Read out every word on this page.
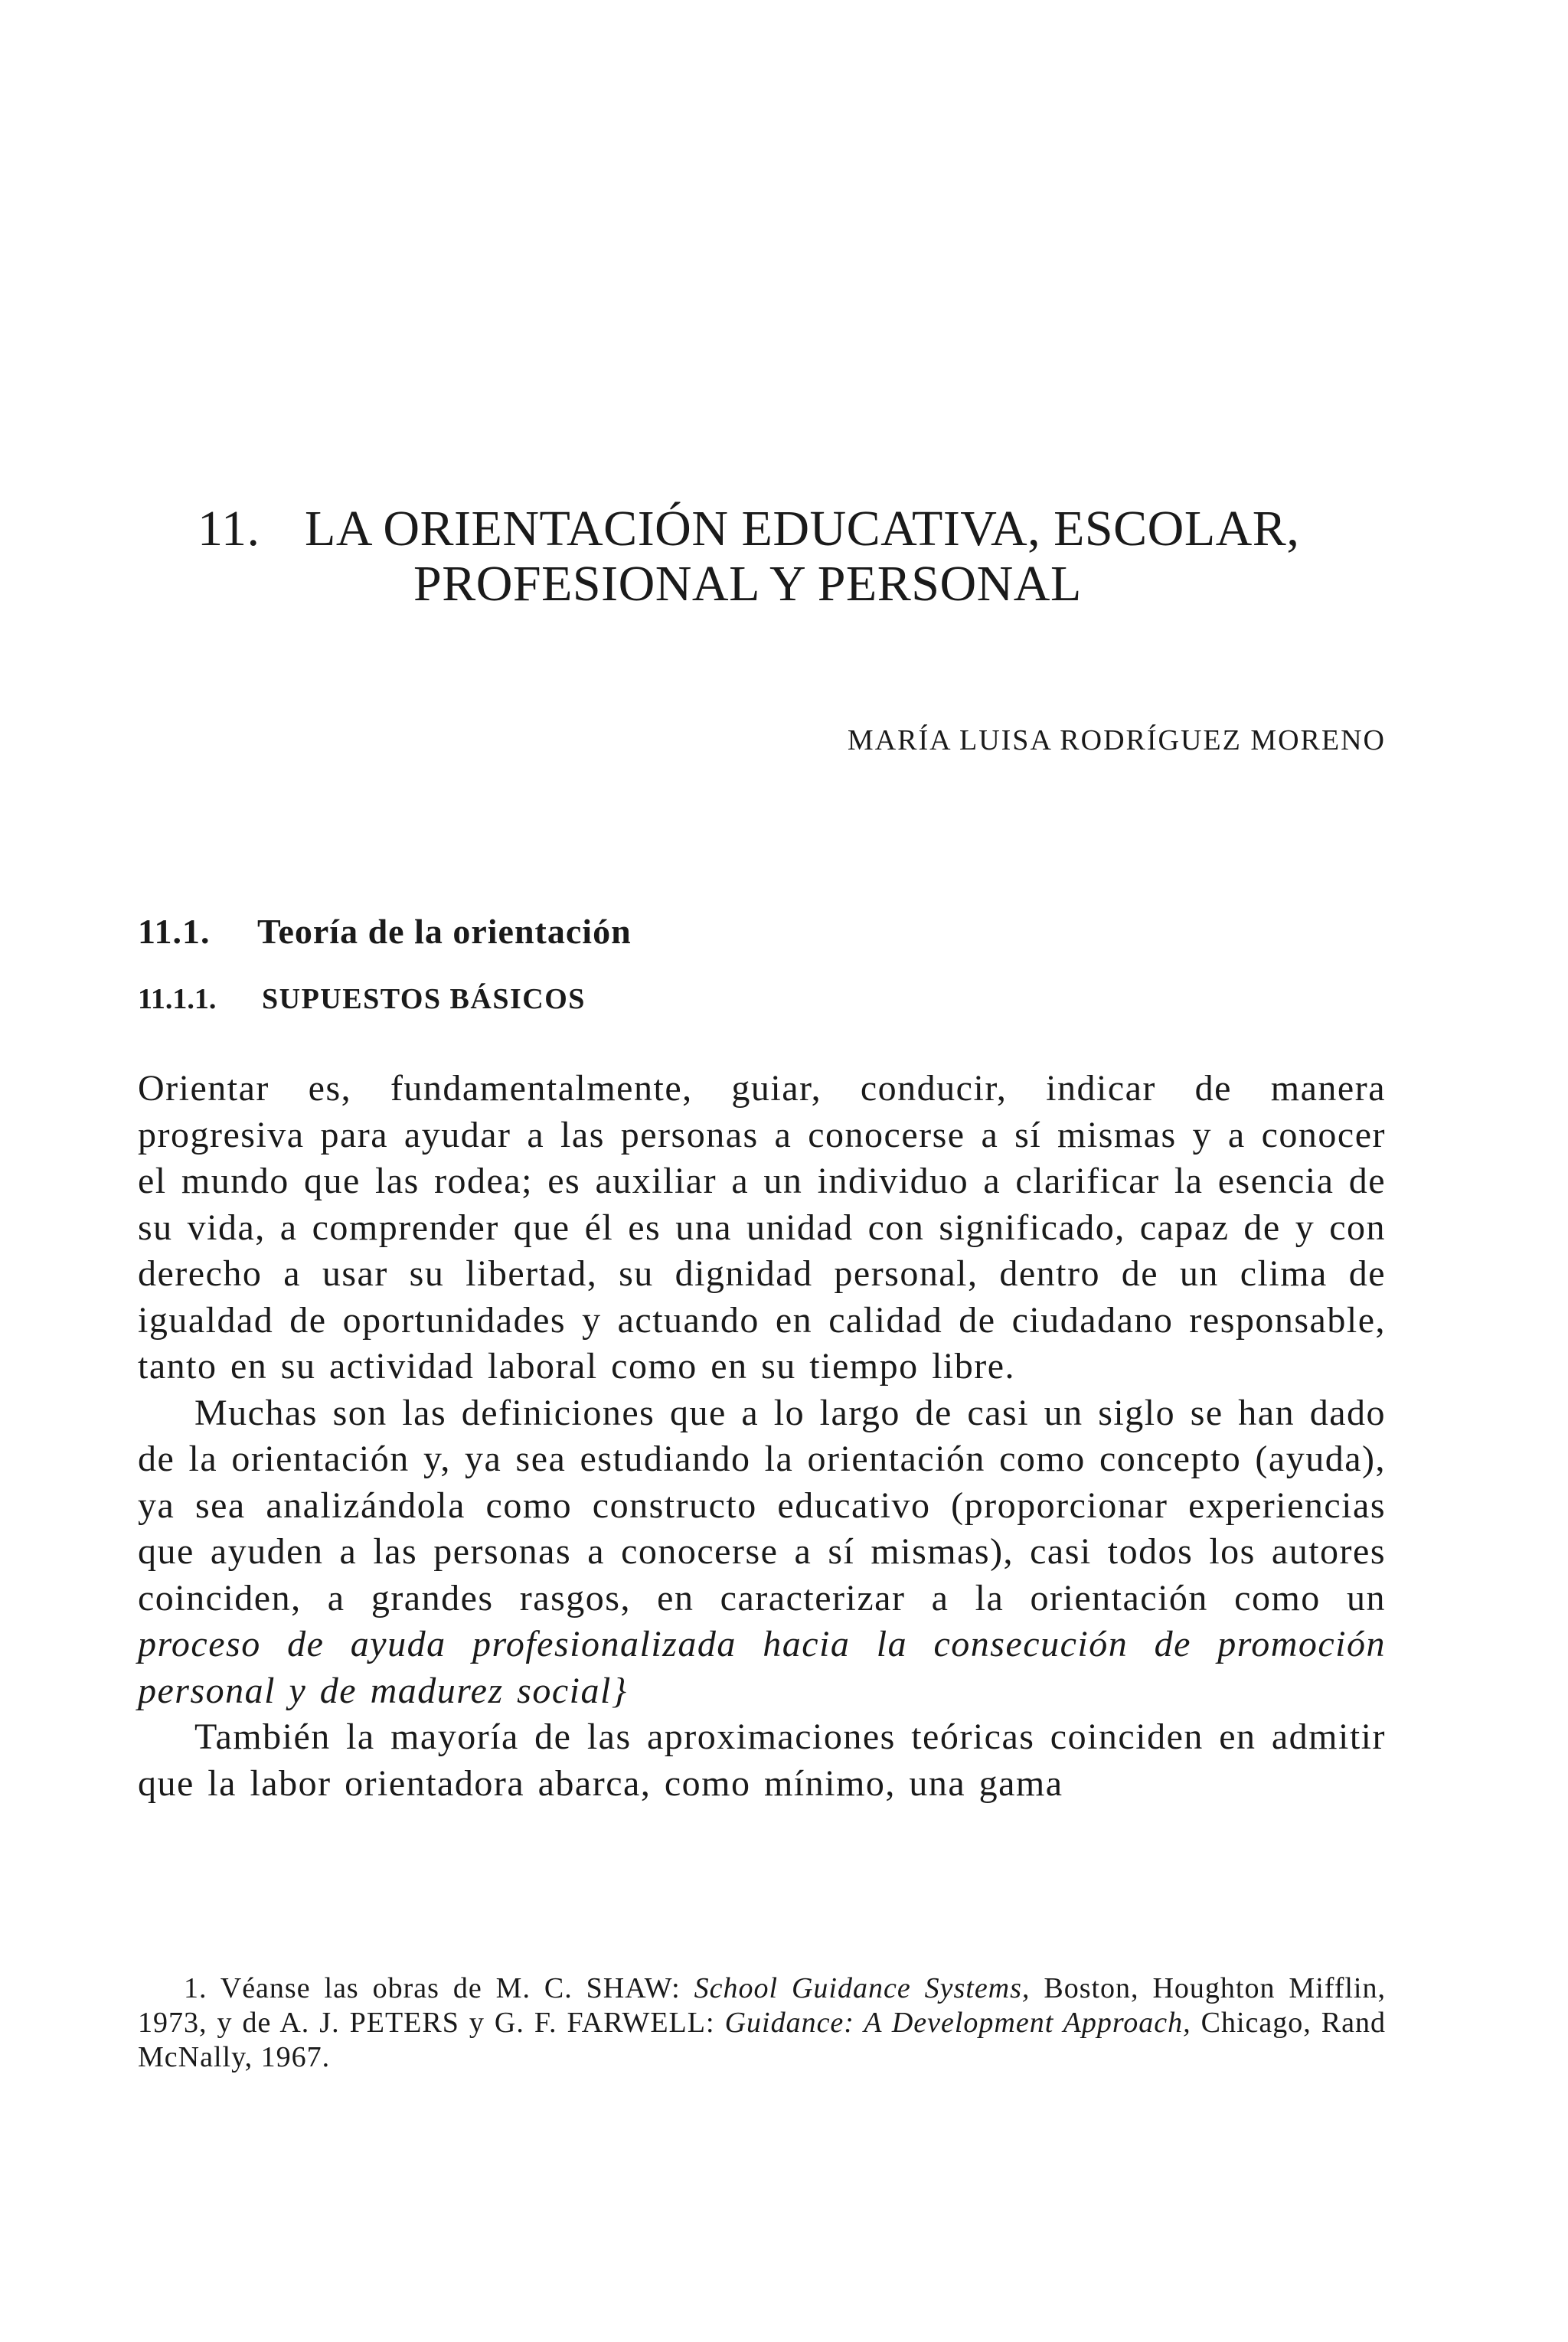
11. LA ORIENTACIÓN EDUCATIVA, ESCOLAR,
PROFESIONAL Y PERSONAL

MARÍA LUISA RODRÍGUEZ MORENO

11.1. Teoría de la orientación
11.1.1. SUPUESTOS BÁSICOS

Orientar es, fundamentalmente, guiar, conducir, indicar de manera progresiva para ayudar a las personas a conocerse a sí mismas y a conocer el mundo que las rodea; es auxiliar a un individuo a clarificar la esencia de su vida, a comprender que él es una unidad con significado, capaz de y con derecho a usar su libertad, su dignidad personal, dentro de un clima de igualdad de oportunidades y actuando en calidad de ciudadano responsable, tanto en su actividad laboral como en su tiempo libre.

Muchas son las definiciones que a lo largo de casi un siglo se han dado de la orientación y, ya sea estudiando la orientación como concepto (ayuda), ya sea analizándola como constructo educativo (proporcionar experiencias que ayuden a las personas a conocerse a sí mismas), casi todos los autores coinciden, a grandes rasgos, en caracterizar a la orientación como un proceso de ayuda profesionalizada hacia la consecución de promoción personal y de madurez social}

También la mayoría de las aproximaciones teóricas coinciden en admitir que la labor orientadora abarca, como mínimo, una gama

1. Véanse las obras de M. C. SHAW: School Guidance Systems, Boston, Houghton Mifflin, 1973, y de A. J. PETERS y G. F. FARWELL: Guidance: A Development Approach, Chicago, Rand McNally, 1967.
